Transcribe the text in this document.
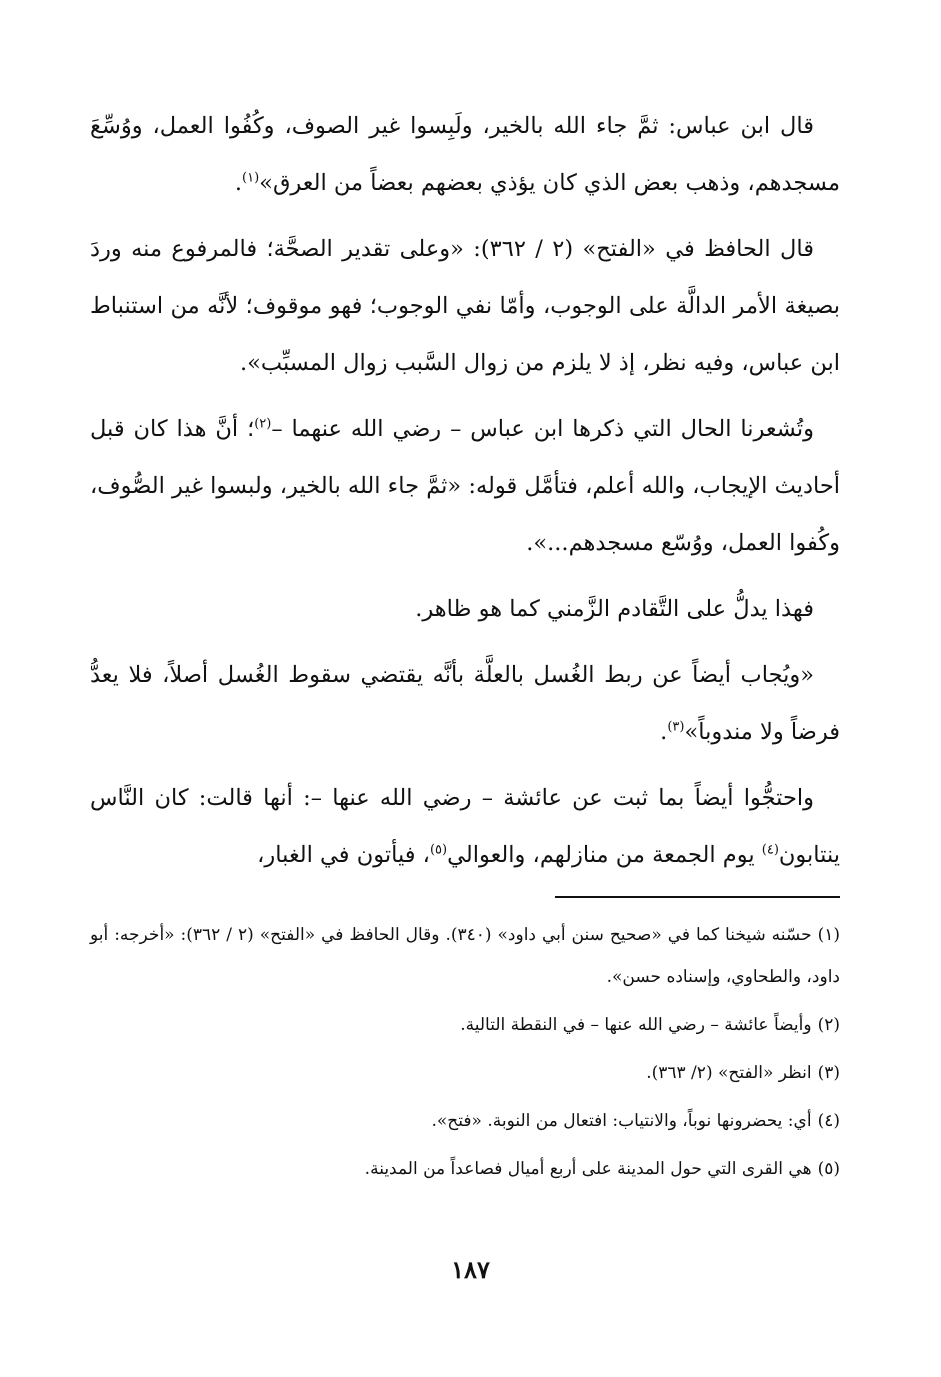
قال ابن عباس: ثمَّ جاء الله بالخير، ولَبِسوا غير الصوف، وكُفُوا العمل، ووُسِّعَ مسجدهم، وذهب بعض الذي كان يؤذي بعضهم بعضاً من العرق»$^{(١)}$.

قال الحافظ في «الفتح» (٢ / ٣٦٢): «وعلى تقدير الصحَّة؛ فالمرفوع منه وردَ بصيغة الأمر الدالَّة على الوجوب، وأمّا نفي الوجوب؛ فهو موقوف؛ لأنَّه من استنباط ابن عباس، وفيه نظر، إذ لا يلزم من زوال السَّبب زوال المسبِّب».

وتُشعرنا الحال التي ذكرها ابن عباس – رضي الله عنهما –$^{(٢)}$؛ أنَّ هذا كان قبل أحاديث الإيجاب، والله أعلم، فتأمَّل قوله: «ثمَّ جاء الله بالخير، ولبسوا غير الصُّوف، وكُفوا العمل، ووُسّع مسجدهم...».

فهذا يدلُّ على التَّقادم الزَّمني كما هو ظاهر.

«ويُجاب أيضاً عن ربط الغُسل بالعلَّة بأنَّه يقتضي سقوط الغُسل أصلاً، فلا يعدُّ فرضاً ولا مندوباً»$^{(٣)}$.

واحتجُّوا أيضاً بما ثبت عن عائشة – رضي الله عنها –: أنها قالت: كان النَّاس ينتابون$^{(٤)}$ يوم الجمعة من منازلهم، والعوالي$^{(٥)}$، فيأتون في الغبار،

(١)حسّنه شيخنا كما في «صحيح سنن أبي داود» (٣٤٠). وقال الحافظ في «الفتح» (٢ / ٣٦٢): «أخرجه: أبو داود، والطحاوي، وإسناده حسن».

(٢)وأيضاً عائشة – رضي الله عنها – في النقطة التالية.

(٣)انظر «الفتح» (٢/ ٣٦٣).

(٤)أي: يحضرونها نوباً، والانتياب: افتعال من النوبة. «فتح».

(٥)هي القرى التي حول المدينة على أربع أميال فصاعداً من المدينة.

١٨٧
